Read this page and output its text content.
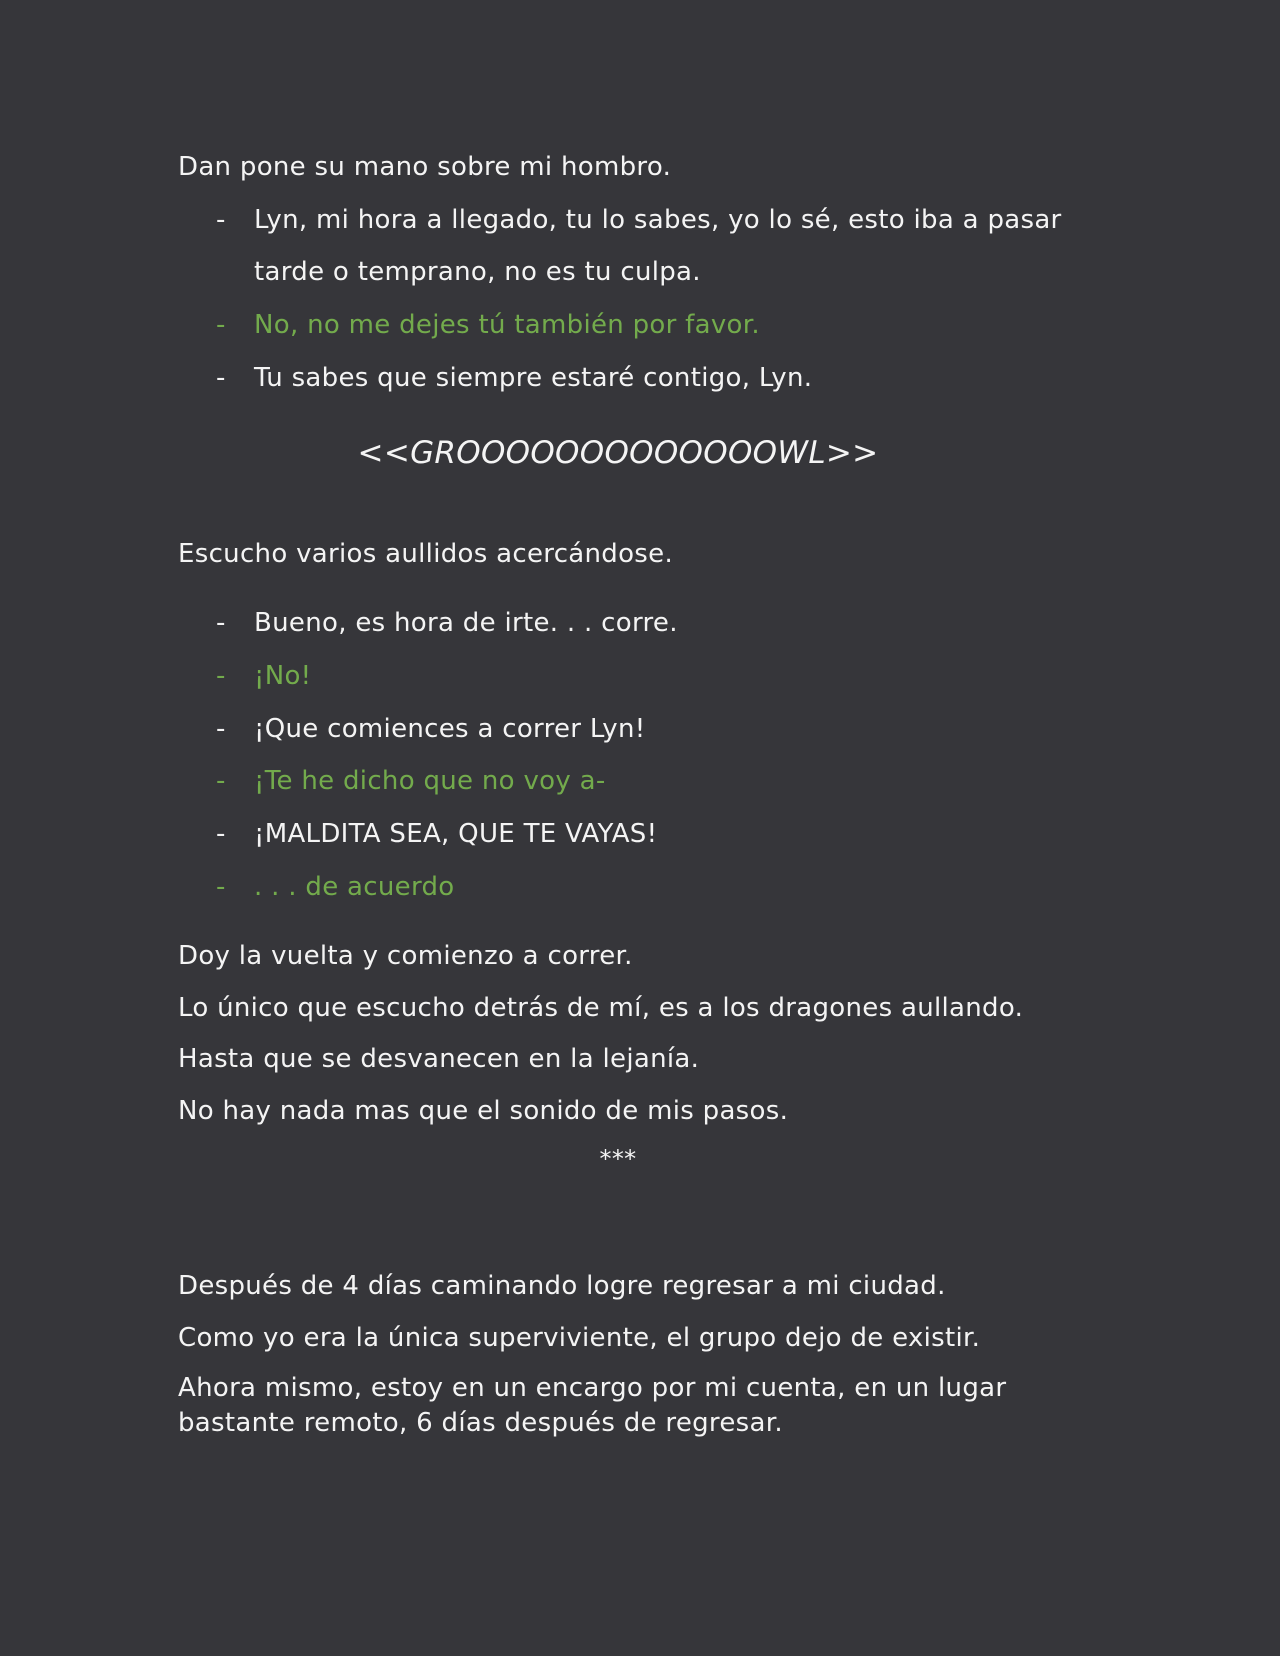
Dan pone su mano sobre mi hombro.
- Lyn, mi hora a llegado, tu lo sabes, yo lo sé, esto iba a pasar
tarde o temprano, no es tu culpa.
- No, no me dejes tú también por favor.
- Tu sabes que siempre estaré contigo, Lyn.
<<GROOOOOOOOOOOOOWL>>
Escucho varios aullidos acercándose.
- Bueno, es hora de irte. . . corre.
- ¡No!
- ¡Que comiences a correr Lyn!
- ¡Te he dicho que no voy a-
- ¡MALDITA SEA, QUE TE VAYAS!
- . . . de acuerdo
Doy la vuelta y comienzo a correr.
Lo único que escucho detrás de mí, es a los dragones aullando.
Hasta que se desvanecen en la lejanía.
No hay nada mas que el sonido de mis pasos.
***
Después de 4 días caminando logre regresar a mi ciudad.
Como yo era la única superviviente, el grupo dejo de existir.
Ahora mismo, estoy en un encargo por mi cuenta, en un lugar bastante remoto, 6 días después de regresar.
